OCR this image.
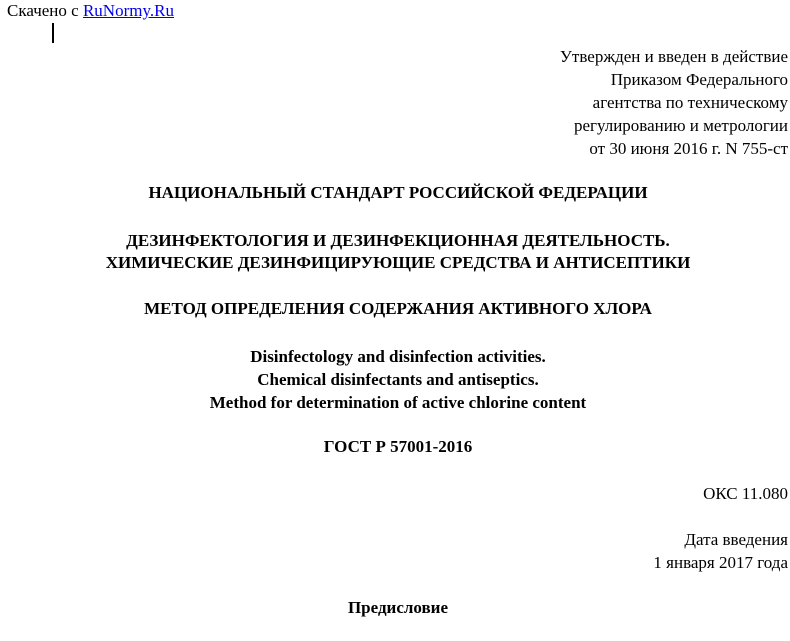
Скачено с RuNormy.Ru
Утвержден и введен в действие
Приказом Федерального
агентства по техническому
регулированию и метрологии
от 30 июня 2016 г. N 755-ст
НАЦИОНАЛЬНЫЙ СТАНДАРТ РОССИЙСКОЙ ФЕДЕРАЦИИ
ДЕЗИНФЕКТОЛОГИЯ И ДЕЗИНФЕКЦИОННАЯ ДЕЯТЕЛЬНОСТЬ.
ХИМИЧЕСКИЕ ДЕЗИНФИЦИРУЮЩИЕ СРЕДСТВА И АНТИСЕПТИКИ
МЕТОД ОПРЕДЕЛЕНИЯ СОДЕРЖАНИЯ АКТИВНОГО ХЛОРА
Disinfectology and disinfection activities.
Chemical disinfectants and antiseptics.
Method for determination of active chlorine content
ГОСТ Р 57001-2016
ОКС 11.080
Дата введения
1 января 2017 года
Предисловие
